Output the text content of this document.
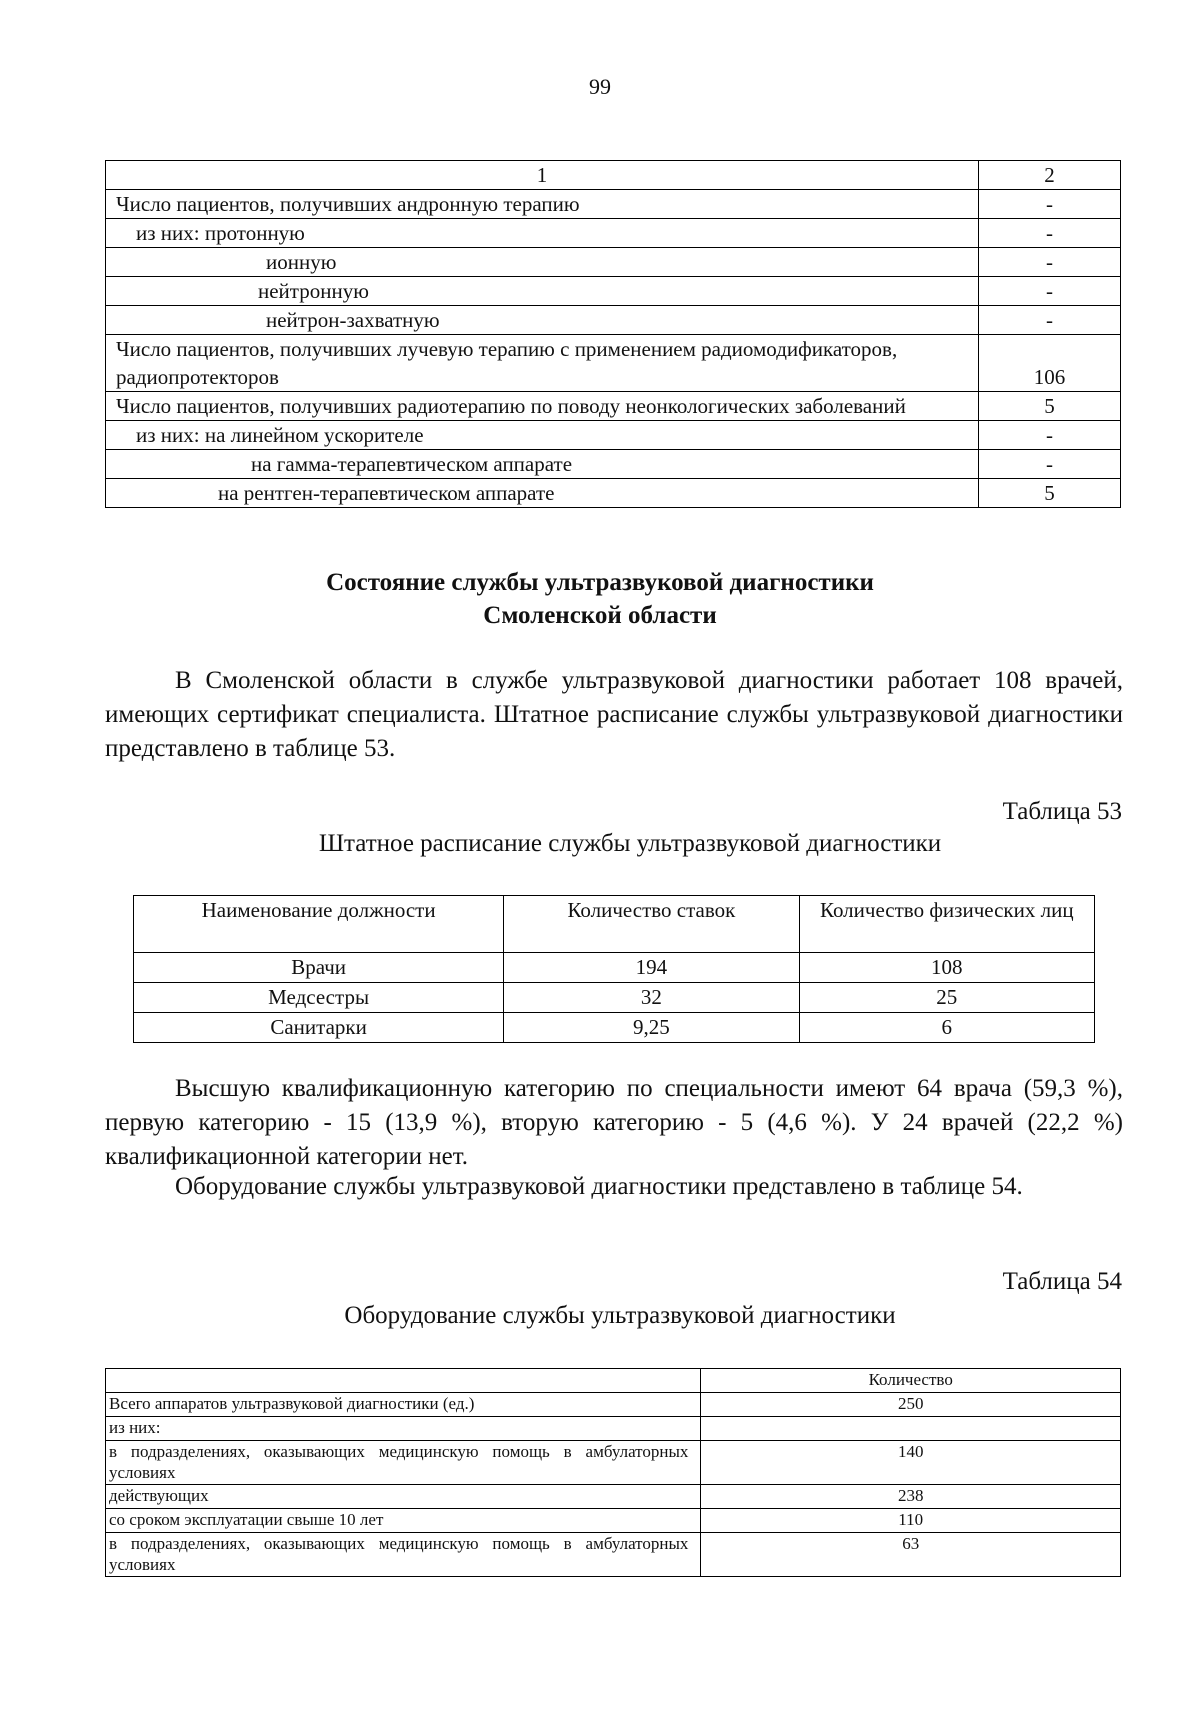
99
1	2
Число пациентов, получивших андронную терапию	-
из них: протонную	-
ионную	-
нейтронную	-
нейтрон-захватную	-
Число пациентов, получивших лучевую терапию с применением радиомодификаторов, радиопротекторов	106
Число пациентов, получивших радиотерапию по поводу неонкологических заболеваний	5
из них: на линейном ускорителе	-
на гамма-терапевтическом аппарате	-
на рентген-терапевтическом аппарате	5
Состояние службы ультразвуковой диагностики
Смоленской области
В Смоленской области в службе ультразвуковой диагностики работает 108 врачей, имеющих сертификат специалиста. Штатное расписание службы ультразвуковой диагностики представлено в таблице 53.
Таблица 53
Штатное расписание службы ультразвуковой диагностики
Наименование должности	Количество ставок	Количество физических лиц
Врачи	194	108
Медсестры	32	25
Санитарки	9,25	6
Высшую квалификационную категорию по специальности имеют 64 врача (59,3 %), первую категорию - 15 (13,9 %), вторую категорию - 5 (4,6 %). У 24 врачей (22,2 %) квалификационной категории нет.
Оборудование службы ультразвуковой диагностики представлено в таблице 54.
Таблица 54
Оборудование службы ультразвуковой диагностики
	Количество
Всего аппаратов ультразвуковой диагностики (ед.)	250
из них:	
в подразделениях, оказывающих медицинскую помощь в амбулаторных условиях	140
действующих	238
со сроком эксплуатации свыше 10 лет	110
в подразделениях, оказывающих медицинскую помощь в амбулаторных условиях	63
